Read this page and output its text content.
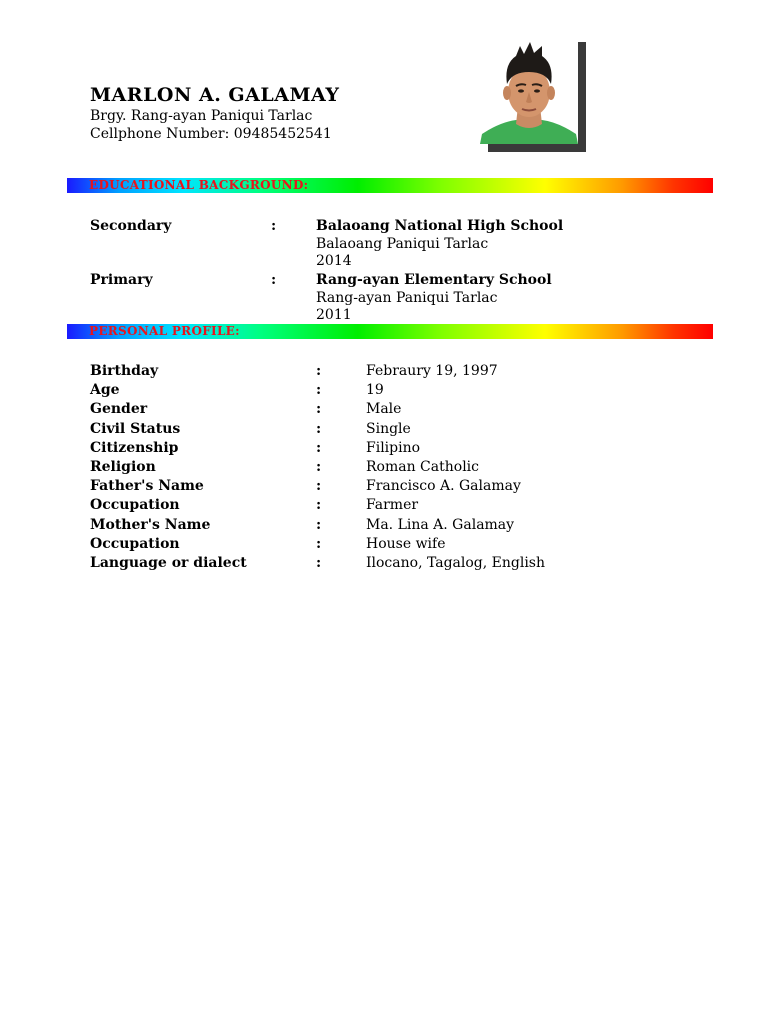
MARLON A. GALAMAY
Brgy. Rang-ayan Paniqui Tarlac
Cellphone Number: 09485452541
EDUCATIONAL BACKGROUND:
Secondary	:	Balaoang National High School
Balaoang Paniqui Tarlac
2014
Primary	:	Rang-ayan Elementary School
Rang-ayan Paniqui Tarlac
2011
PERSONAL PROFILE:
Birthday	:	Febraury 19, 1997
Age	:	19
Gender	:	Male
Civil Status	:	Single
Citizenship	:	Filipino
Religion	:	Roman Catholic
Father's Name	:	Francisco A. Galamay
Occupation	:	Farmer
Mother's Name	:	Ma. Lina A. Galamay
Occupation	:	House wife
Language or dialect	:	Ilocano, Tagalog, English
